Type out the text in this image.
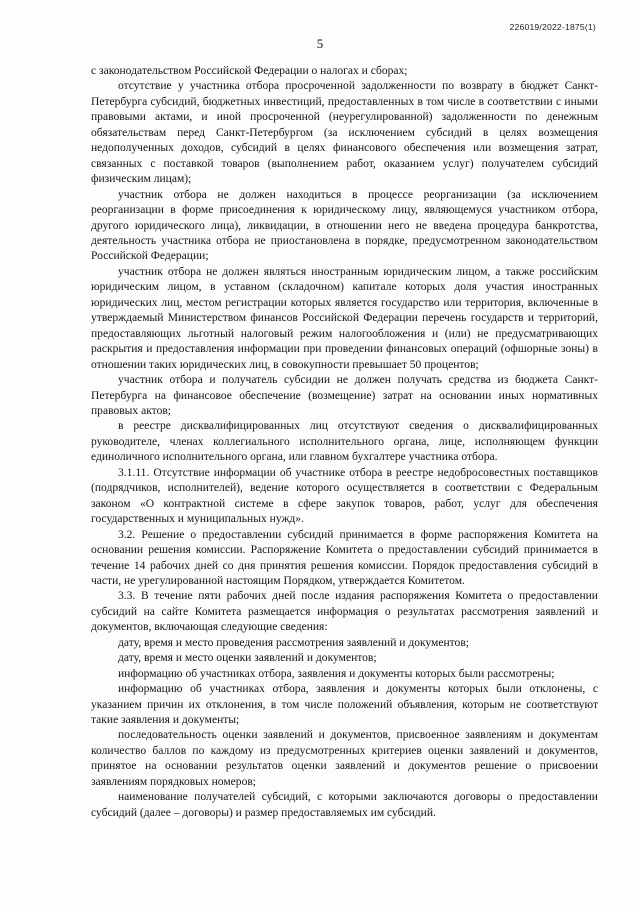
226019/2022-1875(1)
5

с законодательством Российской Федерации о налогах и сборах;

отсутствие у участника отбора просроченной задолженности по возврату в бюджет Санкт-Петербурга субсидий, бюджетных инвестиций, предоставленных в том числе в соответствии с иными правовыми актами, и иной просроченной (неурегулированной) задолженности по денежным обязательствам перед Санкт-Петербургом (за исключением субсидий в целях возмещения недополученных доходов, субсидий в целях финансового обеспечения или возмещения затрат, связанных с поставкой товаров (выполнением работ, оказанием услуг) получателем субсидий физическим лицам);

участник отбора не должен находиться в процессе реорганизации (за исключением реорганизации в форме присоединения к юридическому лицу, являющемуся участником отбора, другого юридического лица), ликвидации, в отношении него не введена процедура банкротства, деятельность участника отбора не приостановлена в порядке, предусмотренном законодательством Российской Федерации;

участник отбора не должен являться иностранным юридическим лицом, а также российским юридическим лицом, в уставном (складочном) капитале которых доля участия иностранных юридических лиц, местом регистрации которых является государство или территория, включенные в утверждаемый Министерством финансов Российской Федерации перечень государств и территорий, предоставляющих льготный налоговый режим налогообложения и (или) не предусматривающих раскрытия и предоставления информации при проведении финансовых операций (офшорные зоны) в отношении таких юридических лиц, в совокупности превышает 50 процентов;

участник отбора и получатель субсидии не должен получать средства из бюджета Санкт-Петербурга на финансовое обеспечение (возмещение) затрат на основании иных нормативных правовых актов;

в реестре дисквалифицированных лиц отсутствуют сведения о дисквалифицированных руководителе, членах коллегиального исполнительного органа, лице, исполняющем функции единоличного исполнительного органа, или главном бухгалтере участника отбора.

3.1.11. Отсутствие информации об участнике отбора в реестре недобросовестных поставщиков (подрядчиков, исполнителей), ведение которого осуществляется в соответствии с Федеральным законом «О контрактной системе в сфере закупок товаров, работ, услуг для обеспечения государственных и муниципальных нужд».

3.2. Решение о предоставлении субсидий принимается в форме распоряжения Комитета на основании решения комиссии. Распоряжение Комитета о предоставлении субсидий принимается в течение 14 рабочих дней со дня принятия решения комиссии. Порядок предоставления субсидий в части, не урегулированной настоящим Порядком, утверждается Комитетом.

3.3. В течение пяти рабочих дней после издания распоряжения Комитета о предоставлении субсидий на сайте Комитета размещается информация о результатах рассмотрения заявлений и документов, включающая следующие сведения:

дату, время и место проведения рассмотрения заявлений и документов;

дату, время и место оценки заявлений и документов;

информацию об участниках отбора, заявления и документы которых были рассмотрены;

информацию об участниках отбора, заявления и документы которых были отклонены, с указанием причин их отклонения, в том числе положений объявления, которым не соответствуют такие заявления и документы;

последовательность оценки заявлений и документов, присвоенное заявлениям и документам количество баллов по каждому из предусмотренных критериев оценки заявлений и документов, принятое на основании результатов оценки заявлений и документов решение о присвоении заявлениям порядковых номеров;

наименование получателей субсидий, с которыми заключаются договоры о предоставлении субсидий (далее – договоры) и размер предоставляемых им субсидий.
